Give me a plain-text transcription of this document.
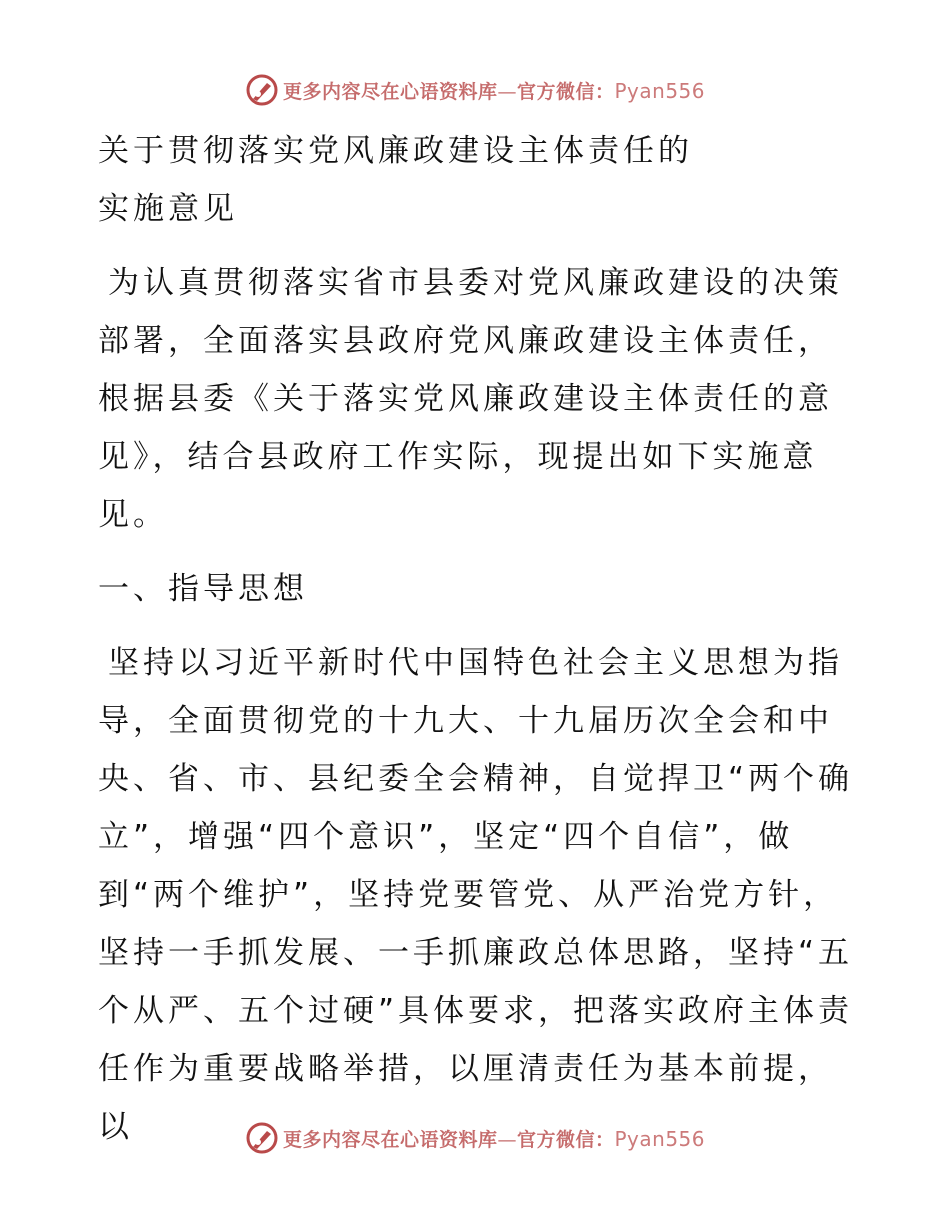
更多内容尽在心语资料库—官方微信：Pyan556

关于贯彻落实党风廉政建设主体责任的

实施意见

为认真贯彻落实省市县委对党风廉政建设的决策部署，全面落实县政府党风廉政建设主体责任，根据县委《关于落实党风廉政建设主体责任的意见》，结合县政府工作实际，现提出如下实施意见。

一、指导思想

坚持以习近平新时代中国特色社会主义思想为指导，全面贯彻党的十九大、十九届历次全会和中央、省、市、县纪委全会精神，自觉捍卫“两个确立”，增强“四个意识”，坚定“四个自信”，做到“两个维护”，坚持党要管党、从严治党方针，坚持一手抓发展、一手抓廉政总体思路，坚持“五个从严、五个过硬”具体要求，把落实政府主体责任作为重要战略举措，以厘清责任为基本前提，以	更多内容尽在心语资料库—官方微信：Pyan556
